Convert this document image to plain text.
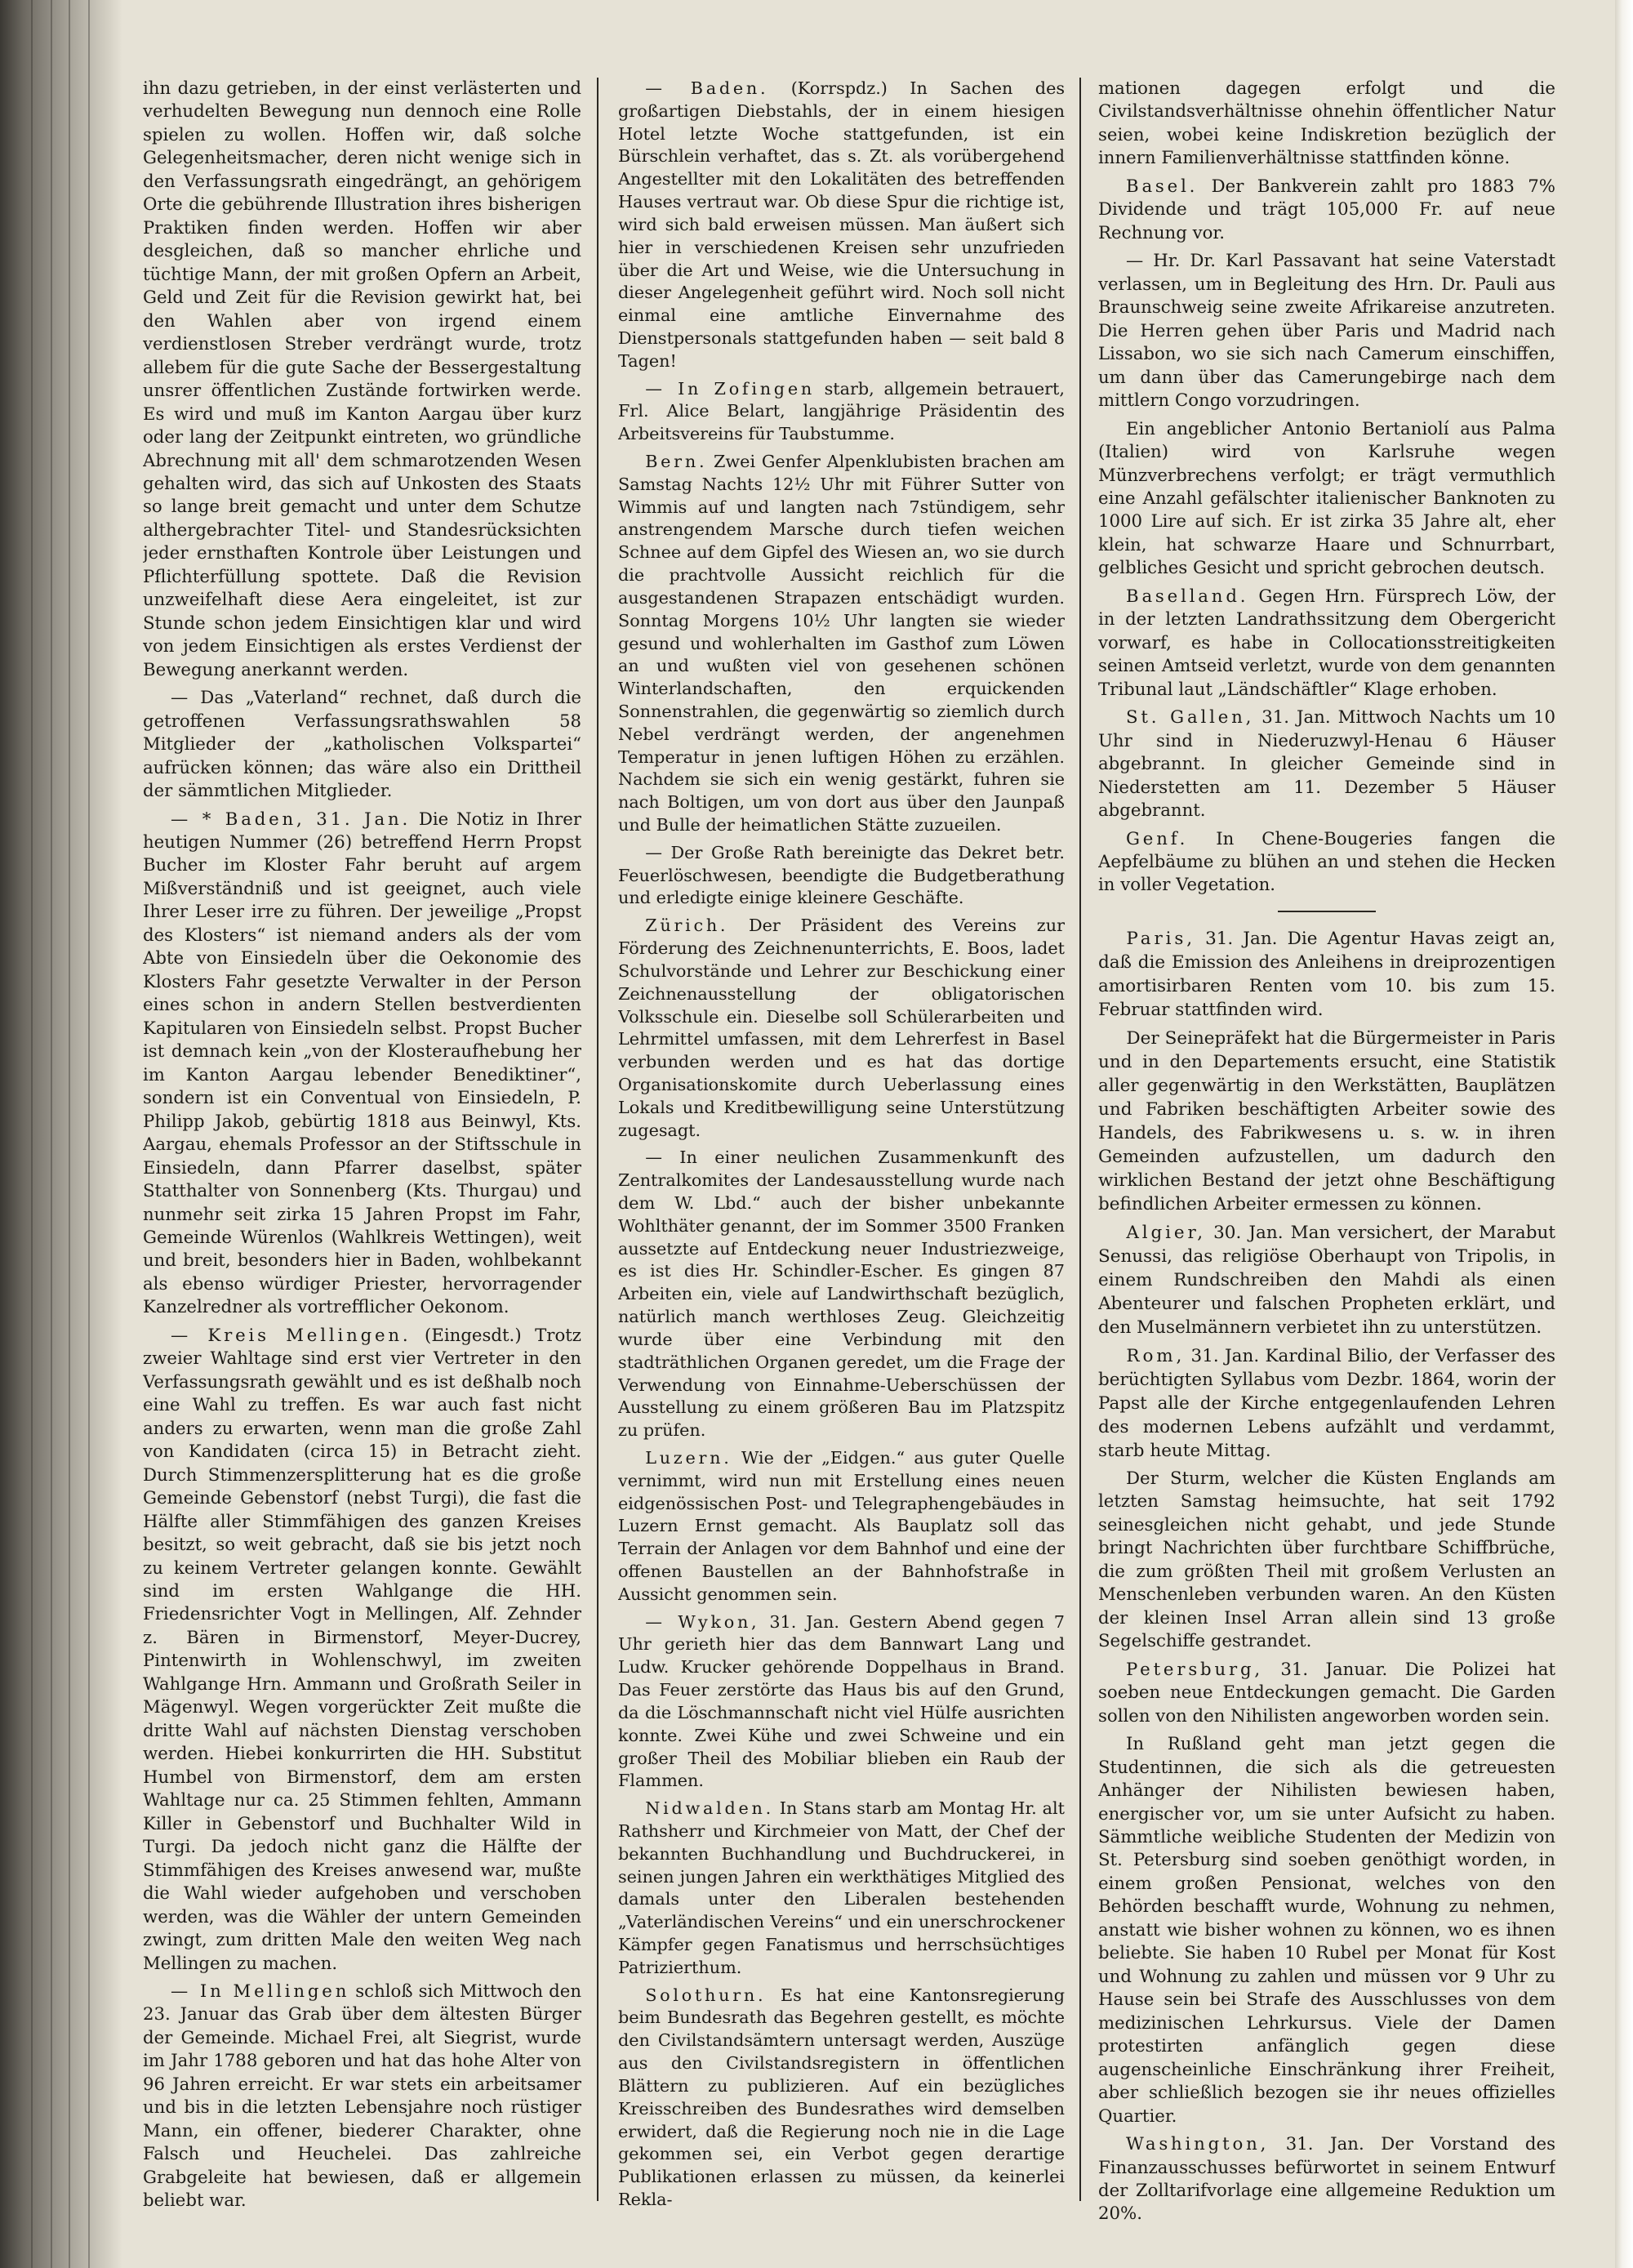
ihn dazu getrieben, in der einst verlästerten und verhudelten Bewegung nun dennoch eine Rolle spielen zu wollen. Hoffen wir, daß solche Gelegenheitsmacher, deren nicht wenige sich in den Verfassungsrath eingedrängt, an gehörigem Orte die gebührende Illustration ihres bisherigen Praktiken finden werden. Hoffen wir aber desgleichen, daß so mancher ehrliche und tüchtige Mann, der mit großen Opfern an Arbeit, Geld und Zeit für die Revision gewirkt hat, bei den Wahlen aber von irgend einem verdienstlosen Streber verdrängt wurde, trotz allebem für die gute Sache der Bessergestaltung unsrer öffentlichen Zustände fortwirken werde. Es wird und muß im Kanton Aargau über kurz oder lang der Zeitpunkt eintreten, wo gründliche Abrechnung mit all' dem schmarotzenden Wesen gehalten wird, das sich auf Unkosten des Staats so lange breit gemacht und unter dem Schutze althergebrachter Titel- und Standesrücksichten jeder ernsthaften Kontrole über Leistungen und Pflichterfüllung spottete. Daß die Revision unzweifelhaft diese Aera eingeleitet, ist zur Stunde schon jedem Einsichtigen klar und wird von jedem Einsichtigen als erstes Verdienst der Bewegung anerkannt werden.

— Das „Vaterland“ rechnet, daß durch die getroffenen Verfassungsrathswahlen 58 Mitglieder der „katholischen Volkspartei“ aufrücken können; das wäre also ein Drittheil der sämmtlichen Mitglieder.

— * Baden, 31. Jan. Die Notiz in Ihrer heutigen Nummer (26) betreffend Herrn Propst Bucher im Kloster Fahr beruht auf argem Mißverständniß und ist geeignet, auch viele Ihrer Leser irre zu führen. Der jeweilige „Propst des Klosters“ ist niemand anders als der vom Abte von Einsiedeln über die Oekonomie des Klosters Fahr gesetzte Verwalter in der Person eines schon in andern Stellen bestverdienten Kapitularen von Einsiedeln selbst. Propst Bucher ist demnach kein „von der Klosteraufhebung her im Kanton Aargau lebender Benediktiner“, sondern ist ein Conventual von Einsiedeln, P. Philipp Jakob, gebürtig 1818 aus Beinwyl, Kts. Aargau, ehemals Professor an der Stiftsschule in Einsiedeln, dann Pfarrer daselbst, später Statthalter von Sonnenberg (Kts. Thurgau) und nunmehr seit zirka 15 Jahren Propst im Fahr, Gemeinde Würenlos (Wahlkreis Wettingen), weit und breit, besonders hier in Baden, wohlbekannt als ebenso würdiger Priester, hervorragender Kanzelredner als vortrefflicher Oekonom.

— Kreis Mellingen. (Eingesdt.) Trotz zweier Wahltage sind erst vier Vertreter in den Verfassungsrath gewählt und es ist deßhalb noch eine Wahl zu treffen. Es war auch fast nicht anders zu erwarten, wenn man die große Zahl von Kandidaten (circa 15) in Betracht zieht. Durch Stimmenzersplitterung hat es die große Gemeinde Gebenstorf (nebst Turgi), die fast die Hälfte aller Stimmfähigen des ganzen Kreises besitzt, so weit gebracht, daß sie bis jetzt noch zu keinem Vertreter gelangen konnte. Gewählt sind im ersten Wahlgange die HH. Friedensrichter Vogt in Mellingen, Alf. Zehnder z. Bären in Birmenstorf, Meyer-Ducrey, Pintenwirth in Wohlenschwyl, im zweiten Wahlgange Hrn. Ammann und Großrath Seiler in Mägenwyl. Wegen vorgerückter Zeit mußte die dritte Wahl auf nächsten Dienstag verschoben werden. Hiebei konkurrirten die HH. Substitut Humbel von Birmenstorf, dem am ersten Wahltage nur ca. 25 Stimmen fehlten, Ammann Killer in Gebenstorf und Buchhalter Wild in Turgi. Da jedoch nicht ganz die Hälfte der Stimmfähigen des Kreises anwesend war, mußte die Wahl wieder aufgehoben und verschoben werden, was die Wähler der untern Gemeinden zwingt, zum dritten Male den weiten Weg nach Mellingen zu machen.

— In Mellingen schloß sich Mittwoch den 23. Januar das Grab über dem ältesten Bürger der Gemeinde. Michael Frei, alt Siegrist, wurde im Jahr 1788 geboren und hat das hohe Alter von 96 Jahren erreicht. Er war stets ein arbeitsamer und bis in die letzten Lebensjahre noch rüstiger Mann, ein offener, biederer Charakter, ohne Falsch und Heuchelei. Das zahlreiche Grabgeleite hat bewiesen, daß er allgemein beliebt war.

— Baden. (Korrspdz.) In Sachen des großartigen Diebstahls, der in einem hiesigen Hotel letzte Woche stattgefunden, ist ein Bürschlein verhaftet, das s. Zt. als vorübergehend Angestellter mit den Lokalitäten des betreffenden Hauses vertraut war. Ob diese Spur die richtige ist, wird sich bald erweisen müssen. Man äußert sich hier in verschiedenen Kreisen sehr unzufrieden über die Art und Weise, wie die Untersuchung in dieser Angelegenheit geführt wird. Noch soll nicht einmal eine amtliche Einvernahme des Dienstpersonals stattgefunden haben — seit bald 8 Tagen!

— In Zofingen starb, allgemein betrauert, Frl. Alice Belart, langjährige Präsidentin des Arbeitsvereins für Taubstumme.

Bern. Zwei Genfer Alpenklubisten brachen am Samstag Nachts 12½ Uhr mit Führer Sutter von Wimmis auf und langten nach 7stündigem, sehr anstrengendem Marsche durch tiefen weichen Schnee auf dem Gipfel des Wiesen an, wo sie durch die prachtvolle Aussicht reichlich für die ausgestandenen Strapazen entschädigt wurden. Sonntag Morgens 10½ Uhr langten sie wieder gesund und wohlerhalten im Gasthof zum Löwen an und wußten viel von gesehenen schönen Winterlandschaften, den erquickenden Sonnenstrahlen, die gegenwärtig so ziemlich durch Nebel verdrängt werden, der angenehmen Temperatur in jenen luftigen Höhen zu erzählen. Nachdem sie sich ein wenig gestärkt, fuhren sie nach Boltigen, um von dort aus über den Jaunpaß und Bulle der heimatlichen Stätte zuzueilen.

— Der Große Rath bereinigte das Dekret betr. Feuerlöschwesen, beendigte die Budgetberathung und erledigte einige kleinere Geschäfte.

Zürich. Der Präsident des Vereins zur Förderung des Zeichnenunterrichts, E. Boos, ladet Schulvorstände und Lehrer zur Beschickung einer Zeichnenausstellung der obligatorischen Volksschule ein. Dieselbe soll Schülerarbeiten und Lehrmittel umfassen, mit dem Lehrerfest in Basel verbunden werden und es hat das dortige Organisationskomite durch Ueberlassung eines Lokals und Kreditbewilligung seine Unterstützung zugesagt.

— In einer neulichen Zusammenkunft des Zentralkomites der Landesausstellung wurde nach dem W. Lbd.“ auch der bisher unbekannte Wohlthäter genannt, der im Sommer 3500 Franken aussetzte auf Entdeckung neuer Industriezweige, es ist dies Hr. Schindler-Escher. Es gingen 87 Arbeiten ein, viele auf Landwirthschaft bezüglich, natürlich manch werthloses Zeug. Gleichzeitig wurde über eine Verbindung mit den stadträthlichen Organen geredet, um die Frage der Verwendung von Einnahme-Ueberschüssen der Ausstellung zu einem größeren Bau im Platzspitz zu prüfen.

Luzern. Wie der „Eidgen.“ aus guter Quelle vernimmt, wird nun mit Erstellung eines neuen eidgenössischen Post- und Telegraphengebäudes in Luzern Ernst gemacht. Als Bauplatz soll das Terrain der Anlagen vor dem Bahnhof und eine der offenen Baustellen an der Bahnhofstraße in Aussicht genommen sein.

— Wykon, 31. Jan. Gestern Abend gegen 7 Uhr gerieth hier das dem Bannwart Lang und Ludw. Krucker gehörende Doppelhaus in Brand. Das Feuer zerstörte das Haus bis auf den Grund, da die Löschmannschaft nicht viel Hülfe ausrichten konnte. Zwei Kühe und zwei Schweine und ein großer Theil des Mobiliar blieben ein Raub der Flammen.

Nidwalden. In Stans starb am Montag Hr. alt Rathsherr und Kirchmeier von Matt, der Chef der bekannten Buchhandlung und Buchdruckerei, in seinen jungen Jahren ein werkthätiges Mitglied des damals unter den Liberalen bestehenden „Vaterländischen Vereins“ und ein unerschrockener Kämpfer gegen Fanatismus und herrschsüchtiges Patrizierthum.

Solothurn. Es hat eine Kantonsregierung beim Bundesrath das Begehren gestellt, es möchte den Civilstandsämtern untersagt werden, Auszüge aus den Civilstandsregistern in öffentlichen Blättern zu publizieren. Auf ein bezügliches Kreisschreiben des Bundesrathes wird demselben erwidert, daß die Regierung noch nie in die Lage gekommen sei, ein Verbot gegen derartige Publikationen erlassen zu müssen, da keinerlei Rekla-

mationen dagegen erfolgt und die Civilstandsverhältnisse ohnehin öffentlicher Natur seien, wobei keine Indiskretion bezüglich der innern Familienverhältnisse stattfinden könne.

Basel. Der Bankverein zahlt pro 1883 7% Dividende und trägt 105,000 Fr. auf neue Rechnung vor.

— Hr. Dr. Karl Passavant hat seine Vaterstadt verlassen, um in Begleitung des Hrn. Dr. Pauli aus Braunschweig seine zweite Afrikareise anzutreten. Die Herren gehen über Paris und Madrid nach Lissabon, wo sie sich nach Camerum einschiffen, um dann über das Camerungebirge nach dem mittlern Congo vorzudringen.

Ein angeblicher Antonio Bertaniolí aus Palma (Italien) wird von Karlsruhe wegen Münzverbrechens verfolgt; er trägt vermuthlich eine Anzahl gefälschter italienischer Banknoten zu 1000 Lire auf sich. Er ist zirka 35 Jahre alt, eher klein, hat schwarze Haare und Schnurrbart, gelbliches Gesicht und spricht gebrochen deutsch.

Baselland. Gegen Hrn. Fürsprech Löw, der in der letzten Landrathssitzung dem Obergericht vorwarf, es habe in Collocationsstreitigkeiten seinen Amtseid verletzt, wurde von dem genannten Tribunal laut „Ländschäftler“ Klage erhoben.

St. Gallen, 31. Jan. Mittwoch Nachts um 10 Uhr sind in Niederuzwyl-Henau 6 Häuser abgebrannt. In gleicher Gemeinde sind in Niederstetten am 11. Dezember 5 Häuser abgebrannt.

Genf. In Chene-Bougeries fangen die Aepfelbäume zu blühen an und stehen die Hecken in voller Vegetation.

Paris, 31. Jan. Die Agentur Havas zeigt an, daß die Emission des Anleihens in dreiprozentigen amortisirbaren Renten vom 10. bis zum 15. Februar stattfinden wird.

Der Seinepräfekt hat die Bürgermeister in Paris und in den Departements ersucht, eine Statistik aller gegenwärtig in den Werkstätten, Bauplätzen und Fabriken beschäftigten Arbeiter sowie des Handels, des Fabrikwesens u. s. w. in ihren Gemeinden aufzustellen, um dadurch den wirklichen Bestand der jetzt ohne Beschäftigung befindlichen Arbeiter ermessen zu können.

Algier, 30. Jan. Man versichert, der Marabut Senussi, das religiöse Oberhaupt von Tripolis, in einem Rundschreiben den Mahdi als einen Abenteurer und falschen Propheten erklärt, und den Muselmännern verbietet ihn zu unterstützen.

Rom, 31. Jan. Kardinal Bilio, der Verfasser des berüchtigten Syllabus vom Dezbr. 1864, worin der Papst alle der Kirche entgegenlaufenden Lehren des modernen Lebens aufzählt und verdammt, starb heute Mittag.

Der Sturm, welcher die Küsten Englands am letzten Samstag heimsuchte, hat seit 1792 seinesgleichen nicht gehabt, und jede Stunde bringt Nachrichten über furchtbare Schiffbrüche, die zum größten Theil mit großem Verlusten an Menschenleben verbunden waren. An den Küsten der kleinen Insel Arran allein sind 13 große Segelschiffe gestrandet.

Petersburg, 31. Januar. Die Polizei hat soeben neue Entdeckungen gemacht. Die Garden sollen von den Nihilisten angeworben worden sein.

In Rußland geht man jetzt gegen die Studentinnen, die sich als die getreuesten Anhänger der Nihilisten bewiesen haben, energischer vor, um sie unter Aufsicht zu haben. Sämmtliche weibliche Studenten der Medizin von St. Petersburg sind soeben genöthigt worden, in einem großen Pensionat, welches von den Behörden beschafft wurde, Wohnung zu nehmen, anstatt wie bisher wohnen zu können, wo es ihnen beliebte. Sie haben 10 Rubel per Monat für Kost und Wohnung zu zahlen und müssen vor 9 Uhr zu Hause sein bei Strafe des Ausschlusses von dem medizinischen Lehrkursus. Viele der Damen protestirten anfänglich gegen diese augenscheinliche Einschränkung ihrer Freiheit, aber schließlich bezogen sie ihr neues offizielles Quartier.

Washington, 31. Jan. Der Vorstand des Finanzausschusses befürwortet in seinem Entwurf der Zolltarifvorlage eine allgemeine Reduktion um 20%.
